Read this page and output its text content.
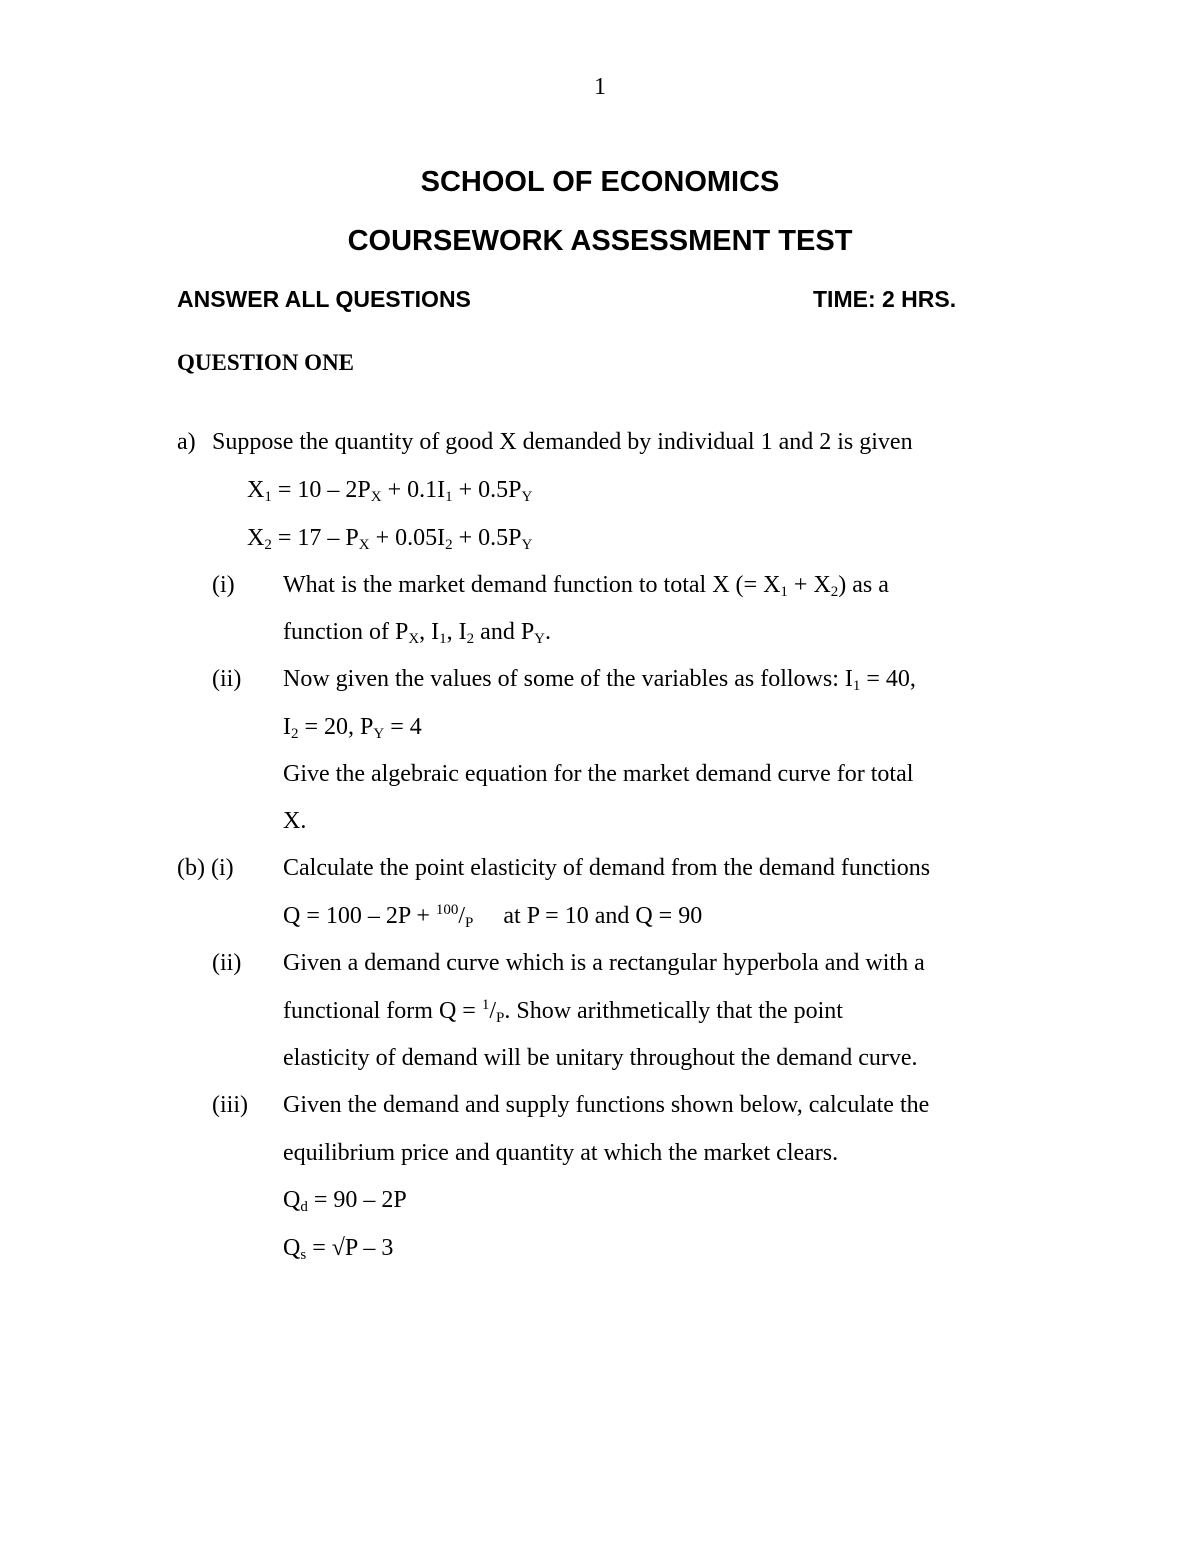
1
SCHOOL OF ECONOMICS
COURSEWORK ASSESSMENT TEST
ANSWER ALL QUESTIONS	TIME: 2 HRS.
QUESTION ONE
a) Suppose the quantity of good X demanded by individual 1 and 2 is given
$X_1 = 10 - 2P_X + 0.1I_1 + 0.5P_Y$
$X_2 = 17 - P_X + 0.05I_2 + 0.5P_Y$
(i) What is the market demand function to total X (= $X_1 + X_2$) as a
function of $P_X$, $I_1$, $I_2$ and $P_Y$.
(ii) Now given the values of some of the variables as follows: $I_1 = 40$,
$I_2 = 20$, $P_Y = 4$
Give the algebraic equation for the market demand curve for total
X.
(b) (i) Calculate the point elasticity of demand from the demand functions
$Q = 100 - 2P + ^{100}/_P$     at P = 10 and Q = 90
(ii) Given a demand curve which is a rectangular hyperbola and with a
functional form $Q = ^1/_P$. Show arithmetically that the point
elasticity of demand will be unitary throughout the demand curve.
(iii) Given the demand and supply functions shown below, calculate the
equilibrium price and quantity at which the market clears.
$Q_d = 90 - 2P$
$Q_s = √P - 3$
